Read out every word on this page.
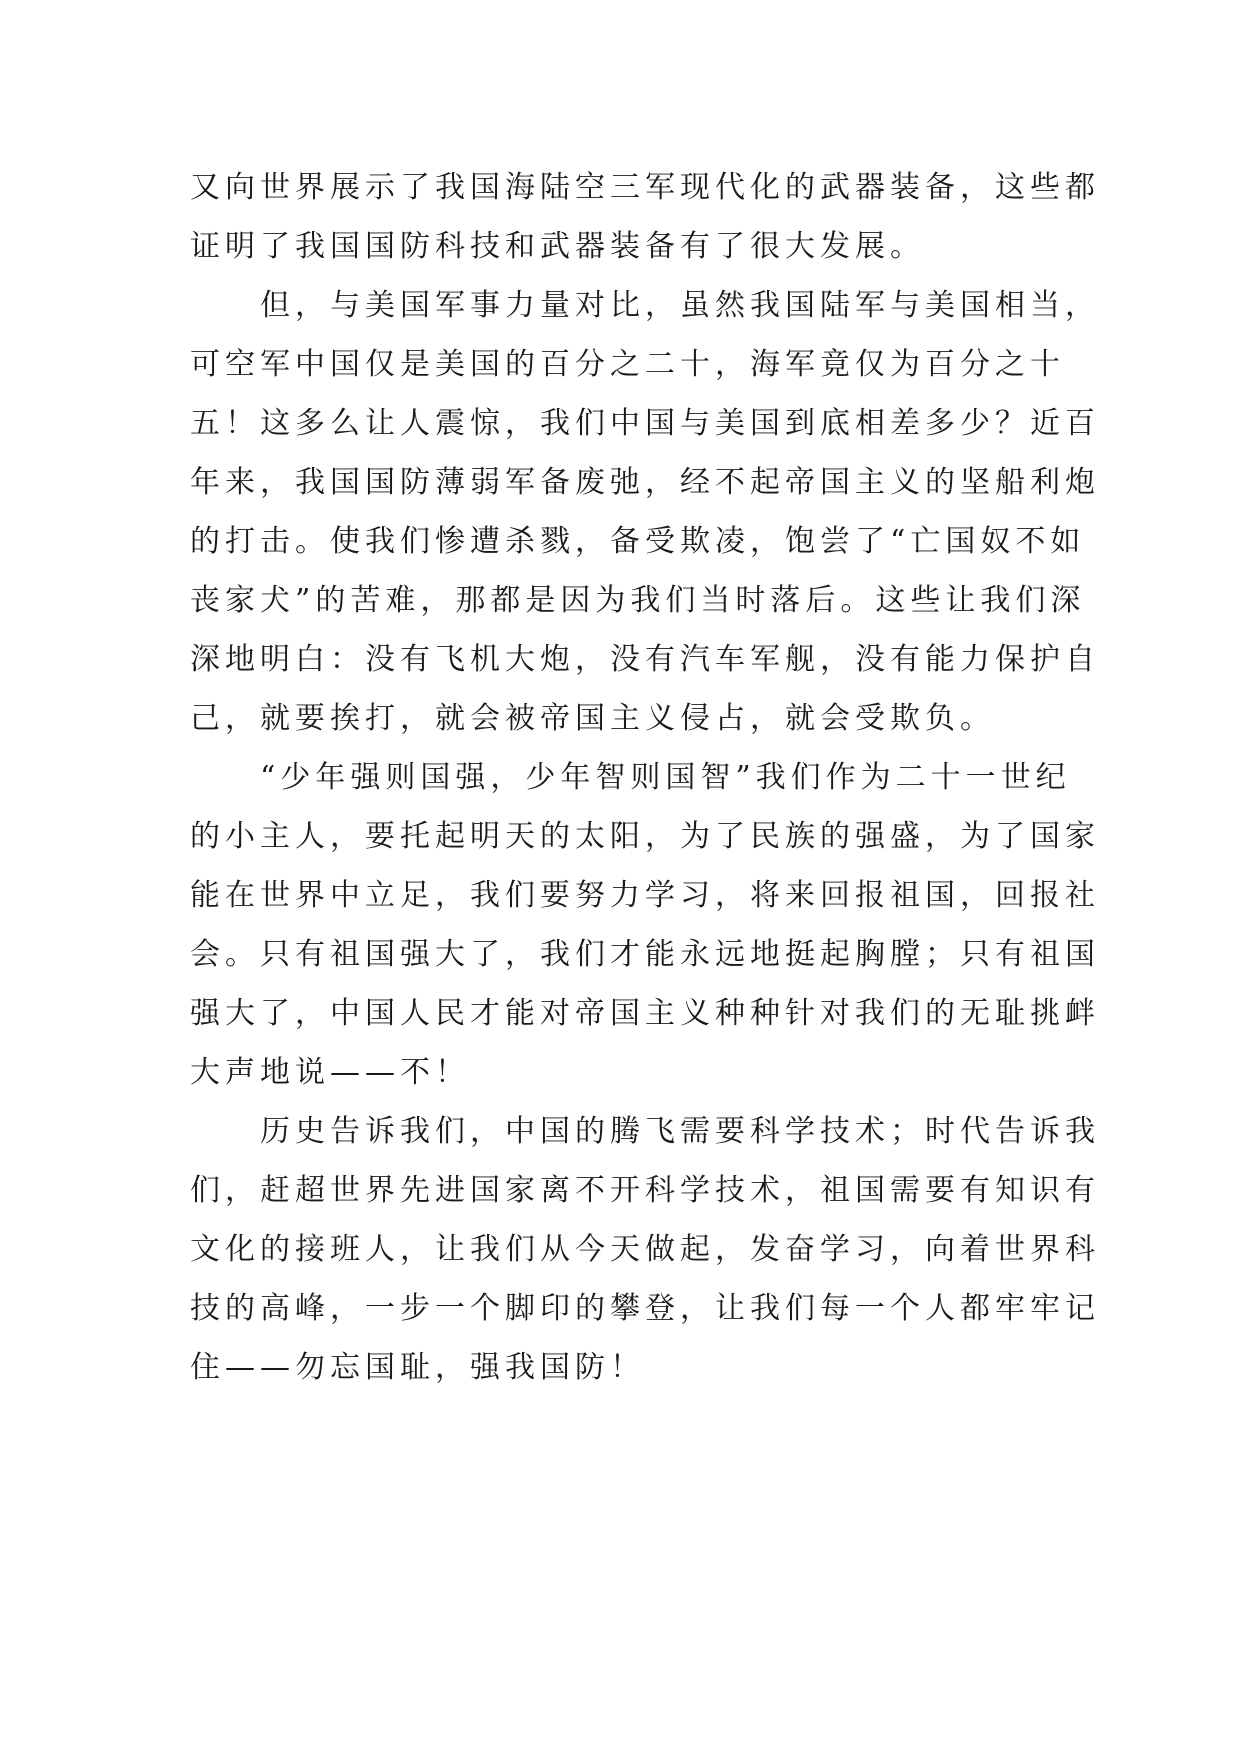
又向世界展示了我国海陆空三军现代化的武器装备，这些都
证明了我国国防科技和武器装备有了很大发展。
但，与美国军事力量对比，虽然我国陆军与美国相当，
可空军中国仅是美国的百分之二十，海军竟仅为百分之十
五！这多么让人震惊，我们中国与美国到底相差多少？近百
年来，我国国防薄弱军备废弛，经不起帝国主义的坚船利炮
的打击。使我们惨遭杀戮，备受欺凌，饱尝了“亡国奴不如
丧家犬”的苦难，那都是因为我们当时落后。这些让我们深
深地明白：没有飞机大炮，没有汽车军舰，没有能力保护自
己，就要挨打，就会被帝国主义侵占，就会受欺负。
“少年强则国强，少年智则国智”我们作为二十一世纪
的小主人，要托起明天的太阳，为了民族的强盛，为了国家
能在世界中立足，我们要努力学习，将来回报祖国，回报社
会。只有祖国强大了，我们才能永远地挺起胸膛；只有祖国
强大了，中国人民才能对帝国主义种种针对我们的无耻挑衅
大声地说——不！
历史告诉我们，中国的腾飞需要科学技术；时代告诉我
们，赶超世界先进国家离不开科学技术，祖国需要有知识有
文化的接班人，让我们从今天做起，发奋学习，向着世界科
技的高峰，一步一个脚印的攀登，让我们每一个人都牢牢记
住——勿忘国耻，强我国防！
